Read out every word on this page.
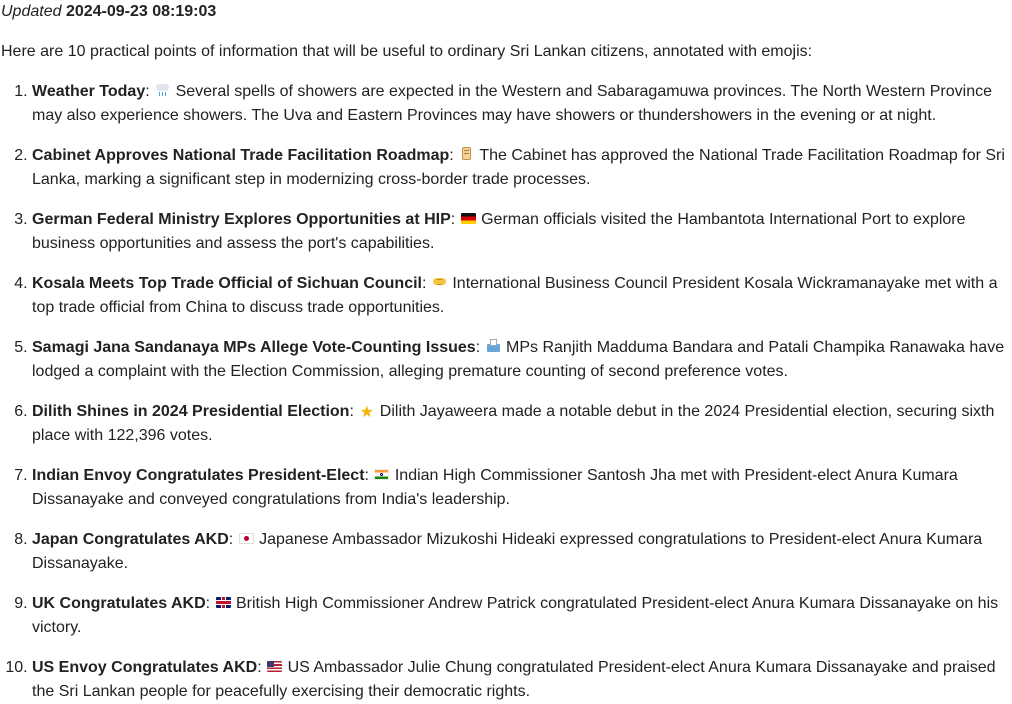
Updated 2024-09-23 08:19:03

Here are 10 practical points of information that will be useful to ordinary Sri Lankan citizens, annotated with emojis:

1. Weather Today:  Several spells of showers are expected in the Western and Sabaragamuwa provinces. The North Western Province may also experience showers. The Uva and Eastern Provinces may have showers or thundershowers in the evening or at night.
2. Cabinet Approves National Trade Facilitation Roadmap:  The Cabinet has approved the National Trade Facilitation Roadmap for Sri Lanka, marking a significant step in modernizing cross-border trade processes.
3. German Federal Ministry Explores Opportunities at HIP:  German officials visited the Hambantota International Port to explore business opportunities and assess the port's capabilities.
4. Kosala Meets Top Trade Official of Sichuan Council:  International Business Council President Kosala Wickramanayake met with a top trade official from China to discuss trade opportunities.
5. Samagi Jana Sandanaya MPs Allege Vote-Counting Issues:  MPs Ranjith Madduma Bandara and Patali Champika Ranawaka have lodged a complaint with the Election Commission, alleging premature counting of second preference votes.
6. Dilith Shines in 2024 Presidential Election: ★ Dilith Jayaweera made a notable debut in the 2024 Presidential election, securing sixth place with 122,396 votes.
7. Indian Envoy Congratulates President-Elect:  Indian High Commissioner Santosh Jha met with President-elect Anura Kumara Dissanayake and conveyed congratulations from India's leadership.
8. Japan Congratulates AKD:  Japanese Ambassador Mizukoshi Hideaki expressed congratulations to President-elect Anura Kumara Dissanayake.
9. UK Congratulates AKD:  British High Commissioner Andrew Patrick congratulated President-elect Anura Kumara Dissanayake on his victory.
10. US Envoy Congratulates AKD:  US Ambassador Julie Chung congratulated President-elect Anura Kumara Dissanayake and praised the Sri Lankan people for peacefully exercising their democratic rights.
